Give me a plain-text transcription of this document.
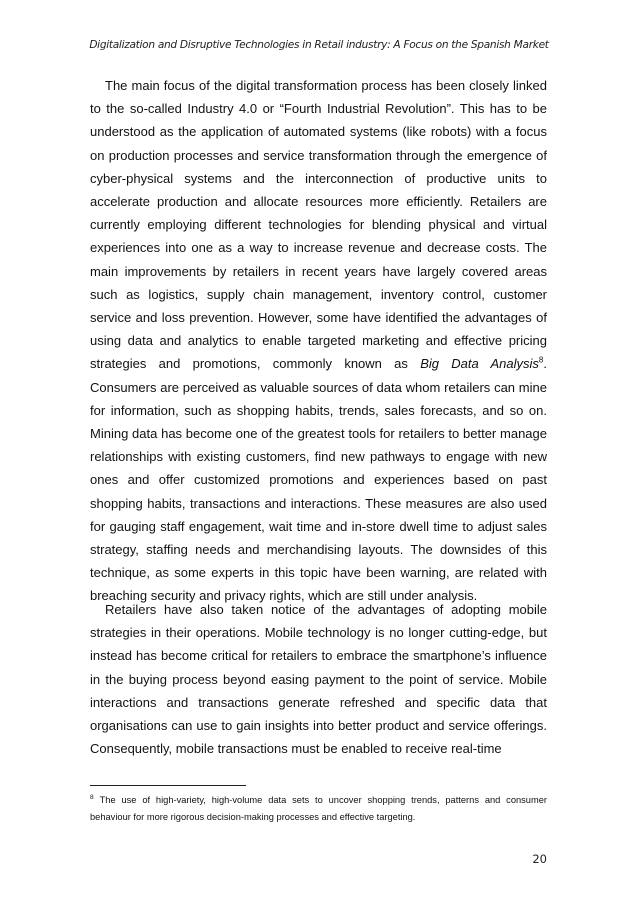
Digitalization and Disruptive Technologies in Retail industry: A Focus on the Spanish Market

The main focus of the digital transformation process has been closely linked to the so-called Industry 4.0 or “Fourth Industrial Revolution”. This has to be understood as the application of automated systems (like robots) with a focus on production processes and service transformation through the emergence of cyber-physical systems and the interconnection of productive units to accelerate production and allocate resources more efficiently. Retailers are currently employing different technologies for blending physical and virtual experiences into one as a way to increase revenue and decrease costs. The main improvements by retailers in recent years have largely covered areas such as logistics, supply chain management, inventory control, customer service and loss prevention. However, some have identified the advantages of using data and analytics to enable targeted marketing and effective pricing strategies and promotions, commonly known as Big Data Analysis$^8$. Consumers are perceived as valuable sources of data whom retailers can mine for information, such as shopping habits, trends, sales forecasts, and so on. Mining data has become one of the greatest tools for retailers to better manage relationships with existing customers, find new pathways to engage with new ones and offer customized promotions and experiences based on past shopping habits, transactions and interactions. These measures are also used for gauging staff engagement, wait time and in-store dwell time to adjust sales strategy, staffing needs and merchandising layouts. The downsides of this technique, as some experts in this topic have been warning, are related with breaching security and privacy rights, which are still under analysis.

Retailers have also taken notice of the advantages of adopting mobile strategies in their operations. Mobile technology is no longer cutting-edge, but instead has become critical for retailers to embrace the smartphone’s influence in the buying process beyond easing payment to the point of service. Mobile interactions and transactions generate refreshed and specific data that organisations can use to gain insights into better product and service offerings. Consequently, mobile transactions must be enabled to receive real-time

$^8$ The use of high-variety, high-volume data sets to uncover shopping trends, patterns and consumer behaviour for more rigorous decision-making processes and effective targeting.

20
